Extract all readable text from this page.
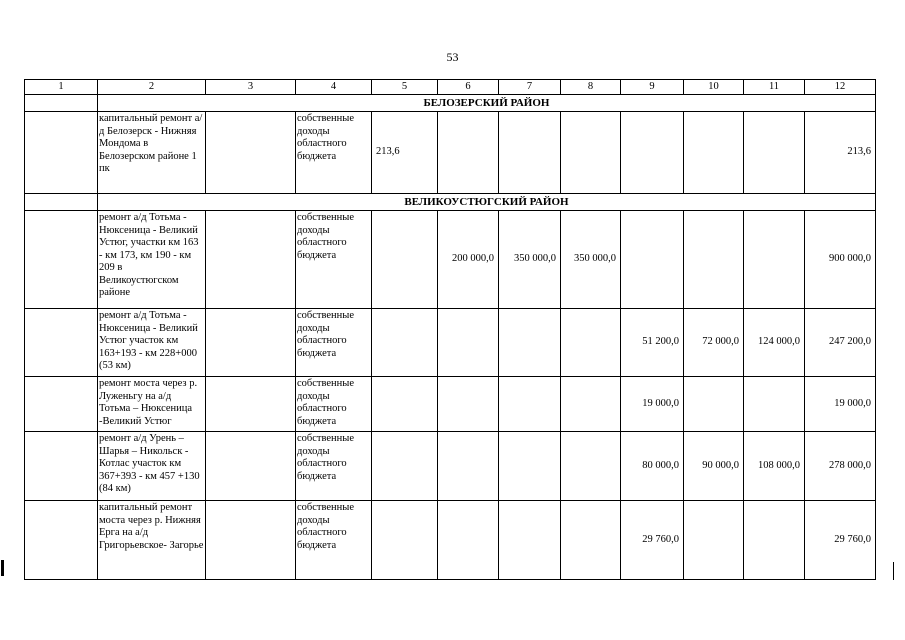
53
1	2	3	4	5	6	7	8	9	10	11	12
	БЕЛОЗЕРСКИЙ РАЙОН										
	капитальный ремонт а/д Белозерск - Нижняя Мондома в Белозерском районе 1 пк		собственные доходы областного бюджета	213,6							213,6
	ВЕЛИКОУСТЮГСКИЙ РАЙОН										
	ремонт а/д Тотьма - Нюксеница - Великий Устюг, участки км 163 - км 173, км 190 - км 209 в Великоустюгском районе		собственные доходы областного бюджета		200 000,0	350 000,0	350 000,0				900 000,0
	ремонт а/д Тотьма - Нюксеница - Великий Устюг участок км 163+193 - км 228+000 (53 км)		собственные доходы областного бюджета					51 200,0	72 000,0	124 000,0	247 200,0
	ремонт моста через р. Луженьгу на а/д Тотьма – Нюксеница -Великий Устюг		собственные доходы областного бюджета					19 000,0			19 000,0
	ремонт а/д Урень – Шарья – Никольск - Котлас участок км 367+393 - км 457 +130 (84 км)		собственные доходы областного бюджета					80 000,0	90 000,0	108 000,0	278 000,0
	капитальный ремонт моста через р. Нижняя Ерга на а/д Григорьевское- Загорье		собственные доходы областного бюджета					29 760,0			29 760,0
